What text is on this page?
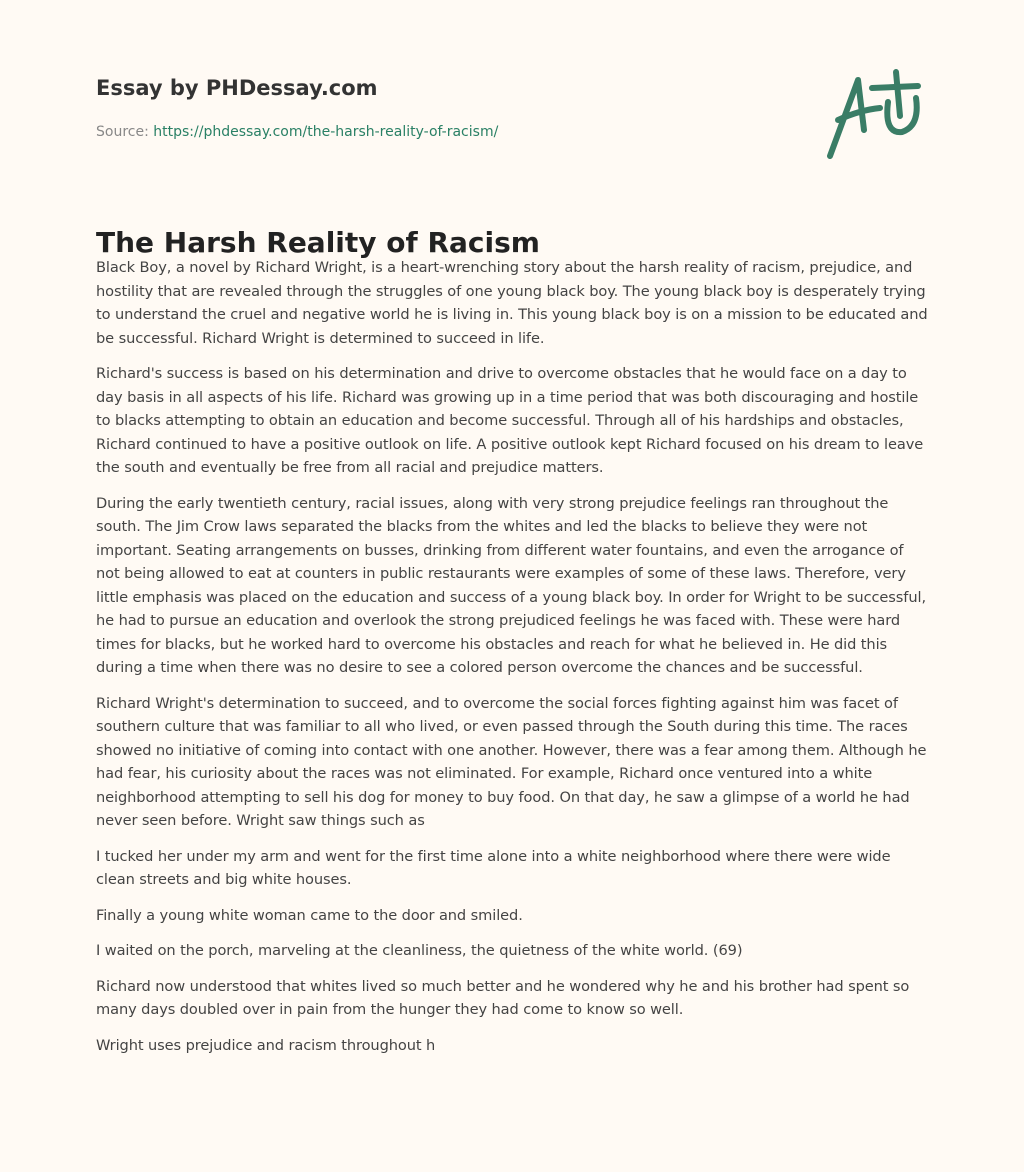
Essay by PHDessay.com

Source: https://phdessay.com/the-harsh-reality-of-racism/
The Harsh Reality of Racism

Black Boy, a novel by Richard Wright, is a heart-wrenching story about the harsh reality of racism, prejudice, and hostility that are revealed through the struggles of one young black boy. The young black boy is desperately trying to understand the cruel and negative world he is living in. This young black boy is on a mission to be educated and be successful. Richard Wright is determined to succeed in life.

Richard's success is based on his determination and drive to overcome obstacles that he would face on a day to day basis in all aspects of his life. Richard was growing up in a time period that was both discouraging and hostile to blacks attempting to obtain an education and become successful. Through all of his hardships and obstacles, Richard continued to have a positive outlook on life. A positive outlook kept Richard focused on his dream to leave the south and eventually be free from all racial and prejudice matters.

During the early twentieth century, racial issues, along with very strong prejudice feelings ran throughout the south. The Jim Crow laws separated the blacks from the whites and led the blacks to believe they were not important. Seating arrangements on busses, drinking from different water fountains, and even the arrogance of not being allowed to eat at counters in public restaurants were examples of some of these laws. Therefore, very little emphasis was placed on the education and success of a young black boy. In order for Wright to be successful, he had to pursue an education and overlook the strong prejudiced feelings he was faced with. These were hard times for blacks, but he worked hard to overcome his obstacles and reach for what he believed in. He did this during a time when there was no desire to see a colored person overcome the chances and be successful.

Richard Wright's determination to succeed, and to overcome the social forces fighting against him was facet of southern culture that was familiar to all who lived, or even passed through the South during this time. The races showed no initiative of coming into contact with one another. However, there was a fear among them. Although he had fear, his curiosity about the races was not eliminated. For example, Richard once ventured into a white neighborhood attempting to sell his dog for money to buy food. On that day, he saw a glimpse of a world he had never seen before. Wright saw things such as

I tucked her under my arm and went for the first time alone into a white neighborhood where there were wide clean streets and big white houses.

Finally a young white woman came to the door and smiled.

I waited on the porch, marveling at the cleanliness, the quietness of the white world. (69)

Richard now understood that whites lived so much better and he wondered why he and his brother had spent so many days doubled over in pain from the hunger they had come to know so well.

Wright uses prejudice and racism throughout h
